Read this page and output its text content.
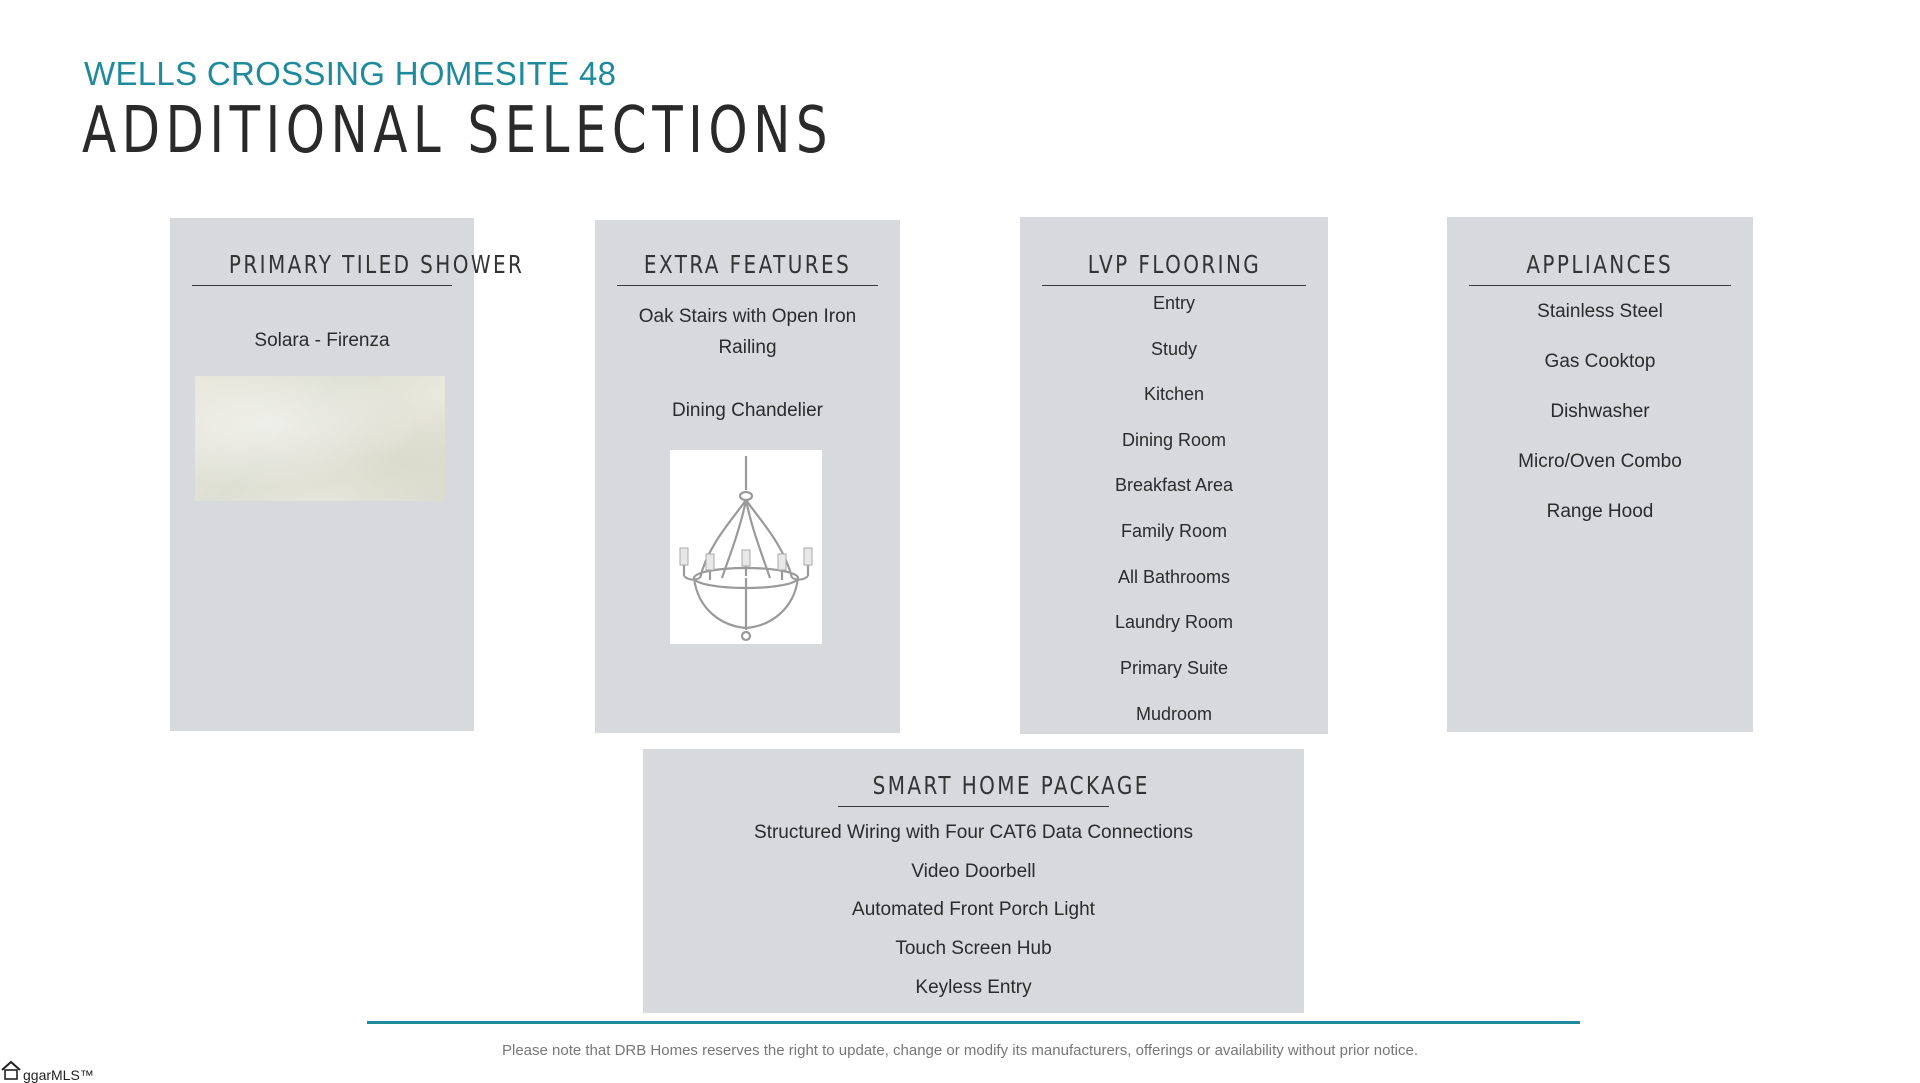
WELLS CROSSING HOMESITE 48
ADDITIONAL SELECTIONS
PRIMARY TILED SHOWER
Solara - Firenza
EXTRA FEATURES
Oak Stairs with Open Iron
Railing
Dining Chandelier
LVP FLOORING
Entry
Study
Kitchen
Dining Room
Breakfast Area
Family Room
All Bathrooms
Laundry Room
Primary Suite
Mudroom
APPLIANCES
Stainless Steel
Gas Cooktop
Dishwasher
Micro/Oven Combo
Range Hood
SMART HOME PACKAGE
Structured Wiring with Four CAT6 Data Connections
Video Doorbell
Automated Front Porch Light
Touch Screen Hub
Keyless Entry
Please note that DRB Homes reserves the right to update, change or modify its manufacturers, offerings or availability without prior notice.
ggarMLS™
